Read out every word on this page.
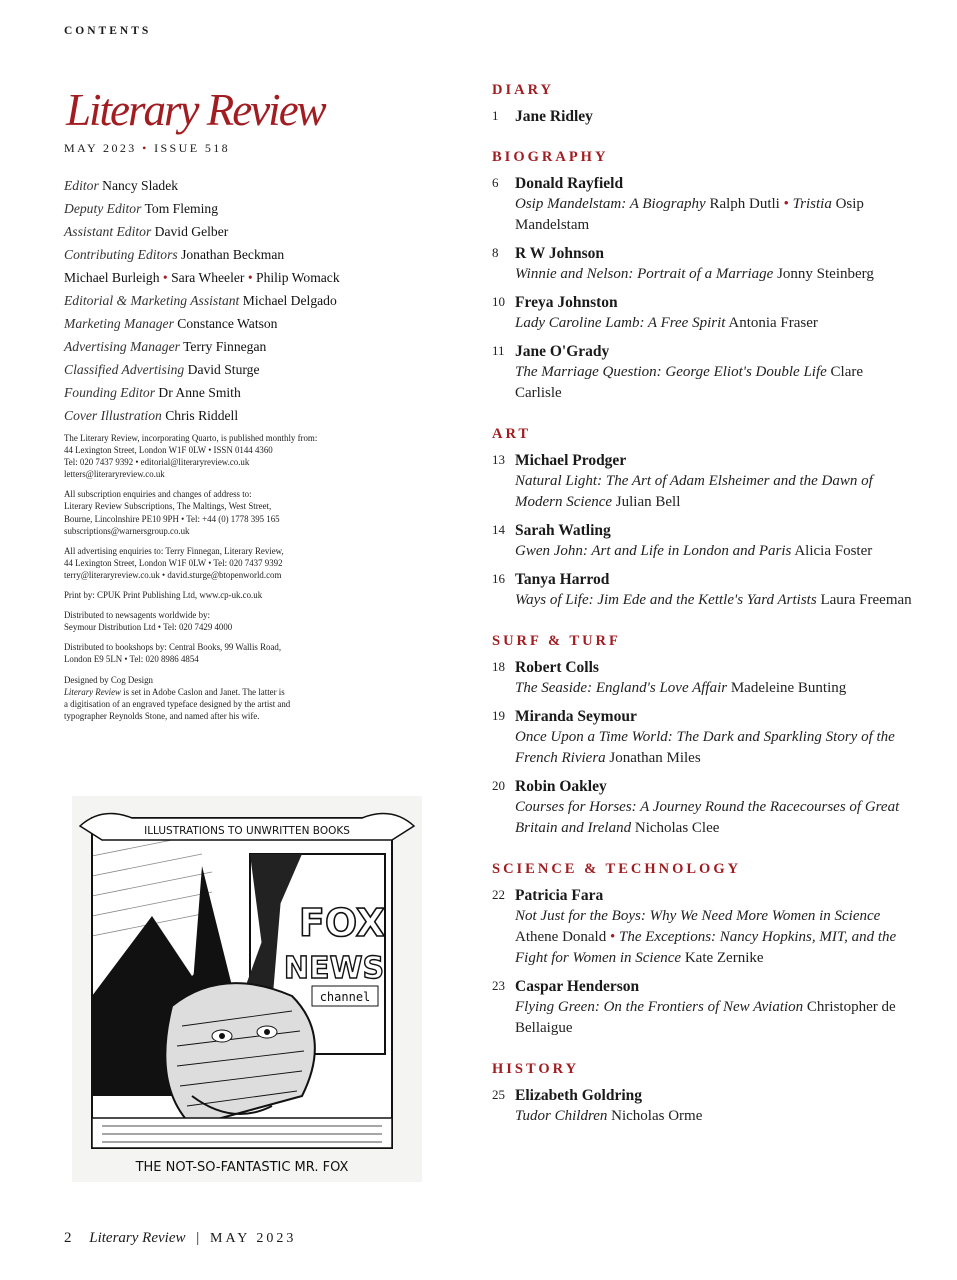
CONTENTS
Literary Review
MAY 2023 • ISSUE 518
Editor Nancy Sladek
Deputy Editor Tom Fleming
Assistant Editor David Gelber
Contributing Editors Jonathan Beckman
Michael Burleigh • Sara Wheeler • Philip Womack
Editorial & Marketing Assistant Michael Delgado
Marketing Manager Constance Watson
Advertising Manager Terry Finnegan
Classified Advertising David Sturge
Founding Editor Dr Anne Smith
Cover Illustration Chris Riddell

The Literary Review, incorporating Quarto, is published monthly from:
44 Lexington Street, London W1F 0LW • ISSN 0144 4360
Tel: 020 7437 9392 • editorial@literaryreview.co.uk
letters@literaryreview.co.uk

All subscription enquiries and changes of address to:
Literary Review Subscriptions, The Maltings, West Street,
Bourne, Lincolnshire PE10 9PH • Tel: +44 (0) 1778 395 165
subscriptions@warnersgroup.co.uk

All advertising enquiries to: Terry Finnegan, Literary Review,
44 Lexington Street, London W1F 0LW • Tel: 020 7437 9392
terry@literaryreview.co.uk • david.sturge@btopenworld.com

Print by: CPUK Print Publishing Ltd, www.cp-uk.co.uk

Distributed to newsagents worldwide by:
Seymour Distribution Ltd • Tel: 020 7429 4000

Distributed to bookshops by: Central Books, 99 Wallis Road,
London E9 5LN • Tel: 020 8986 4854

Designed by Cog Design
Literary Review is set in Adobe Caslon and Janet. The latter is
a digitisation of an engraved typeface designed by the artist and
typographer Reynolds Stone, and named after his wife.

ILLUSTRATIONS TO UNWRITTEN BOOKS
FOX
NEWS
channel
THE NOT-SO-FANTASTIC MR. FOX
DIARY
1	Jane Ridley
BIOGRAPHY
6	Donald Rayfield
Osip Mandelstam: A Biography Ralph Dutli • Tristia Osip Mandelstam
8	R W Johnson
Winnie and Nelson: Portrait of a Marriage Jonny Steinberg
10 Freya Johnston
Lady Caroline Lamb: A Free Spirit Antonia Fraser
11 Jane O'Grady
The Marriage Question: George Eliot's Double Life Clare Carlisle
ART
13 Michael Prodger
Natural Light: The Art of Adam Elsheimer and the Dawn of Modern Science Julian Bell
14 Sarah Watling
Gwen John: Art and Life in London and Paris Alicia Foster
16 Tanya Harrod
Ways of Life: Jim Ede and the Kettle's Yard Artists Laura Freeman
SURF & TURF
18 Robert Colls
The Seaside: England's Love Affair Madeleine Bunting
19 Miranda Seymour
Once Upon a Time World: The Dark and Sparkling Story of the French Riviera Jonathan Miles
20 Robin Oakley
Courses for Horses: A Journey Round the Racecourses of Great Britain and Ireland Nicholas Clee
SCIENCE & TECHNOLOGY
22 Patricia Fara
Not Just for the Boys: Why We Need More Women in Science Athene Donald • The Exceptions: Nancy Hopkins, MIT, and the Fight for Women in Science Kate Zernike
23 Caspar Henderson
Flying Green: On the Frontiers of New Aviation Christopher de Bellaigue
HISTORY
25 Elizabeth Goldring
Tudor Children Nicholas Orme
2 Literary Review | MAY 2023
